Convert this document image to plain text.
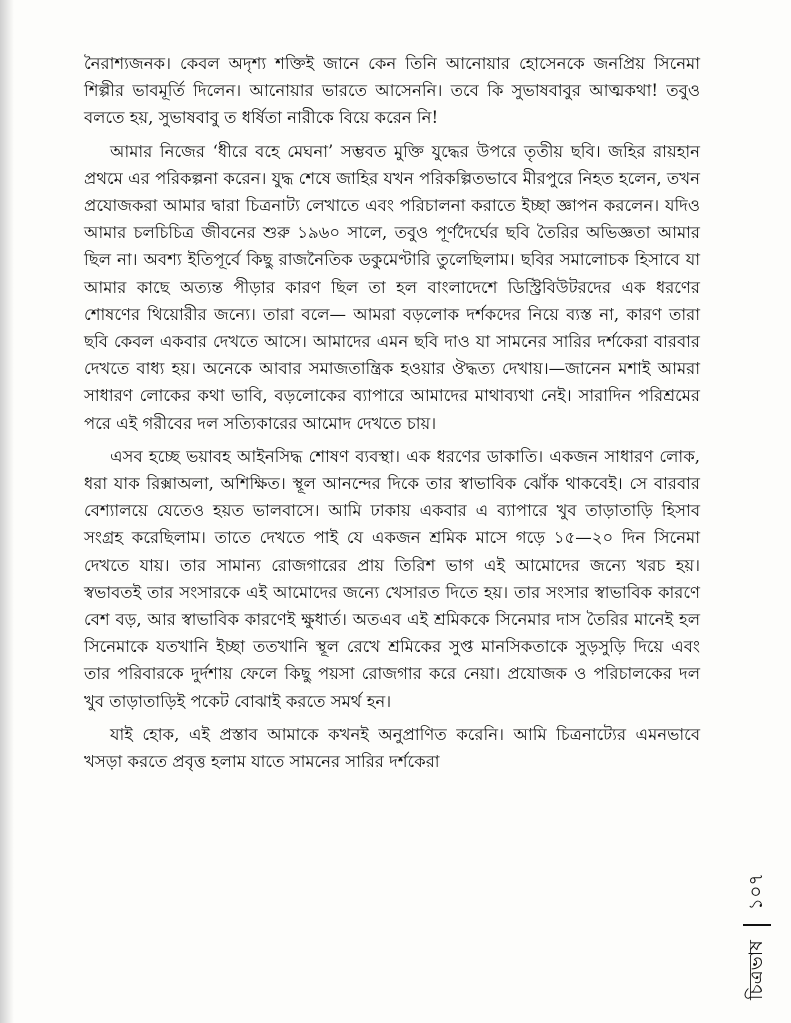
নৈরাশ্যজনক। কেবল অদৃশ্য শক্তিই জানে কেন তিনি আনোয়ার হোসেনকে জনপ্রিয় সিনেমা শিল্পীর ভাবমূর্তি দিলেন। আনোয়ার ভারতে আসেননি। তবে কি সুভাষবাবুর আত্মকথা! তবুও বলতে হয়, সুভাষবাবু ত ধর্ষিতা নারীকে বিয়ে করেন নি!

আমার নিজের ‘ধীরে বহে মেঘনা’ সম্ভবত মুক্তি যুদ্ধের উপরে তৃতীয় ছবি। জহির রায়হান প্রথমে এর পরিকল্পনা করেন। যুদ্ধ শেষে জাহির যখন পরিকল্পিতভাবে মীরপুরে নিহত হলেন, তখন প্রযোজকরা আমার দ্বারা চিত্রনাট্য লেখাতে এবং পরিচালনা করাতে ইচ্ছা জ্ঞাপন করলেন। যদিও আমার চলচিচিত্র জীবনের শুরু ১৯৬০ সালে, তবুও পূর্ণদৈর্ঘের ছবি তৈরির অভিজ্ঞতা আমার ছিল না। অবশ্য ইতিপূর্বে কিছু রাজনৈতিক ডকুমেণ্টারি তুলেছিলাম। ছবির সমালোচক হিসাবে যা আমার কাছে অত্যন্ত পীড়ার কারণ ছিল তা হল বাংলাদেশে ডিস্ট্রিবিউটরদের এক ধরণের শোষণের থিয়োরীর জন্যে। তারা বলে— আমরা বড়লোক দর্শকদের নিয়ে ব্যস্ত না, কারণ তারা ছবি কেবল একবার দেখতে আসে। আমাদের এমন ছবি দাও যা সামনের সারির দর্শকেরা বারবার দেখতে বাধ্য হয়। অনেকে আবার সমাজতান্ত্রিক হওয়ার ঔদ্ধত্য দেখায়।—জানেন মশাই আমরা সাধারণ লোকের কথা ভাবি, বড়লোকের ব্যাপারে আমাদের মাথাব্যথা নেই। সারাদিন পরিশ্রমের পরে এই গরীবের দল সত্যিকারের আমোদ দেখতে চায়।

এসব হচ্ছে ভয়াবহ আইনসিদ্ধ শোষণ ব্যবস্থা। এক ধরণের ডাকাতি। একজন সাধারণ লোক, ধরা যাক রিক্সাঅলা, অশিক্ষিত। স্থূল আনন্দের দিকে তার স্বাভাবিক ঝোঁক থাকবেই। সে বারবার বেশ্যালয়ে যেতেও হয়ত ভালবাসে। আমি ঢাকায় একবার এ ব্যাপারে খুব তাড়াতাড়ি হিসাব সংগ্রহ করেছিলাম। তাতে দেখতে পাই যে একজন শ্রমিক মাসে গড়ে ১৫—২০ দিন সিনেমা দেখতে যায়। তার সামান্য রোজগারের প্রায় তিরিশ ভাগ এই আমোদের জন্যে খরচ হয়। স্বভাবতই তার সংসারকে এই আমোদের জন্যে খেসারত দিতে হয়। তার সংসার স্বাভাবিক কারণে বেশ বড়, আর স্বাভাবিক কারণেই ক্ষুধার্ত। অতএব এই শ্রমিককে সিনেমার দাস তৈরির মানেই হল সিনেমাকে যতখানি ইচ্ছা ততখানি স্থূল রেখে শ্রমিকের সুপ্ত মানসিকতাকে সুড়সুড়ি দিয়ে এবং তার পরিবারকে দুর্দশায় ফেলে কিছু পয়সা রোজগার করে নেয়া। প্রযোজক ও পরিচালকের দল খুব তাড়াতাড়িই পকেট বোঝাই করতে সমর্থ হন।

যাই হোক, এই প্রস্তাব আমাকে কখনই অনুপ্রাণিত করেনি। আমি চিত্রনাট্যের এমনভাবে খসড়া করতে প্রবৃত্ত হলাম যাতে সামনের সারির দর্শকেরা

চিত্রভাষ১০৭
